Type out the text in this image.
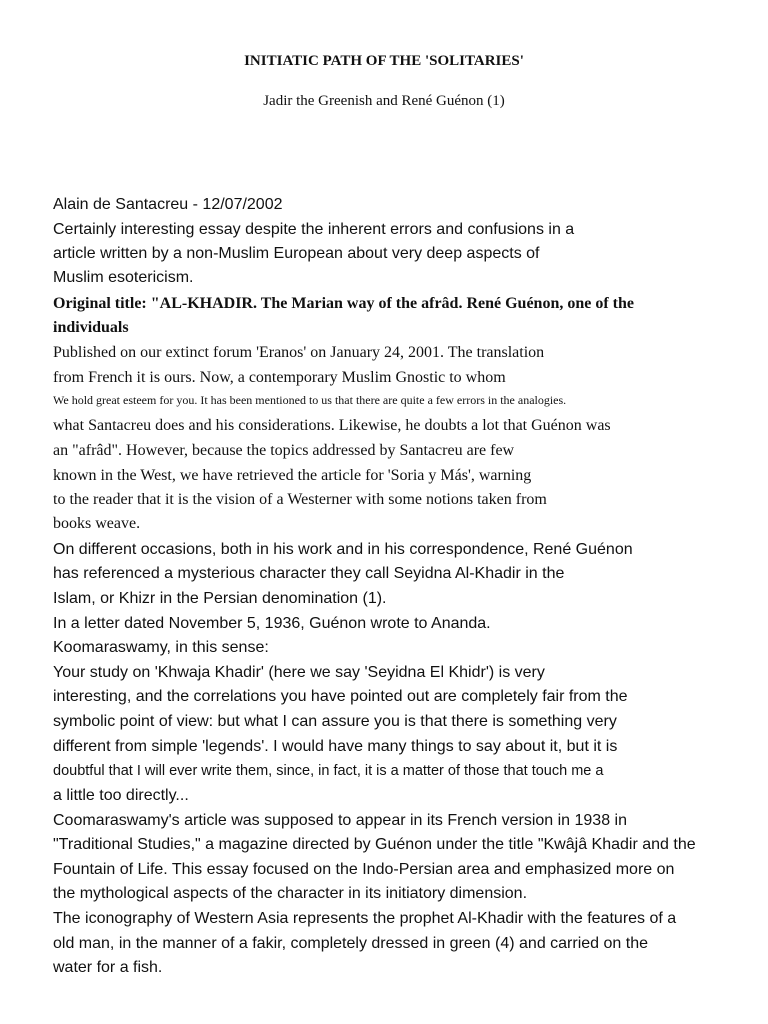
INITIATIC PATH OF THE 'SOLITARIES'
Jadir the Greenish and René Guénon (1)
Alain de Santacreu - 12/07/2002
Certainly interesting essay despite the inherent errors and confusions in a
article written by a non-Muslim European about very deep aspects of
Muslim esotericism.
Original title: "AL-KHADIR. The Marian way of the afrâd. René Guénon, one of the
individuals
Published on our extinct forum 'Eranos' on January 24, 2001. The translation
from French it is ours. Now, a contemporary Muslim Gnostic to whom
We hold great esteem for you. It has been mentioned to us that there are quite a few errors in the analogies.
what Santacreu does and his considerations. Likewise, he doubts a lot that Guénon was
an "afrâd". However, because the topics addressed by Santacreu are few
known in the West, we have retrieved the article for 'Soria y Más', warning
to the reader that it is the vision of a Westerner with some notions taken from
books weave.
On different occasions, both in his work and in his correspondence, René Guénon
has referenced a mysterious character they call Seyidna Al-Khadir in the
Islam, or Khizr in the Persian denomination (1).
In a letter dated November 5, 1936, Guénon wrote to Ananda.
Koomaraswamy, in this sense:
Your study on 'Khwaja Khadir' (here we say 'Seyidna El Khidr') is very
interesting, and the correlations you have pointed out are completely fair from the
symbolic point of view: but what I can assure you is that there is something very
different from simple 'legends'. I would have many things to say about it, but it is
doubtful that I will ever write them, since, in fact, it is a matter of those that touch me a
a little too directly...
Coomaraswamy's article was supposed to appear in its French version in 1938 in
"Traditional Studies," a magazine directed by Guénon under the title "Kwâjâ Khadir and the
Fountain of Life. This essay focused on the Indo-Persian area and emphasized more on
the mythological aspects of the character in its initiatory dimension.
The iconography of Western Asia represents the prophet Al-Khadir with the features of a
old man, in the manner of a fakir, completely dressed in green (4) and carried on the
water for a fish.
